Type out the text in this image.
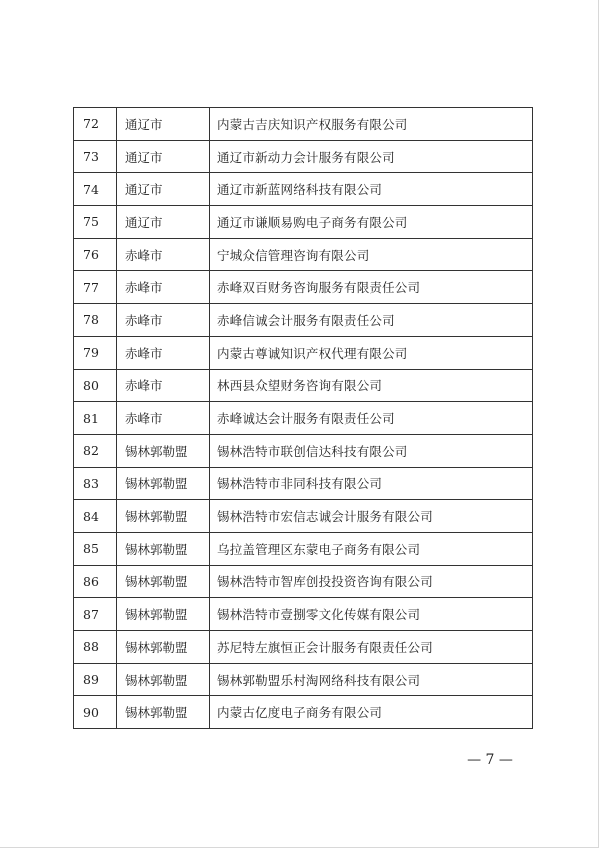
72	通辽市	内蒙古吉庆知识产权服务有限公司
73	通辽市	通辽市新动力会计服务有限公司
74	通辽市	通辽市新蓝网络科技有限公司
75	通辽市	通辽市谦顺易购电子商务有限公司
76	赤峰市	宁城众信管理咨询有限公司
77	赤峰市	赤峰双百财务咨询服务有限责任公司
78	赤峰市	赤峰信诚会计服务有限责任公司
79	赤峰市	内蒙古尊诚知识产权代理有限公司
80	赤峰市	林西县众望财务咨询有限公司
81	赤峰市	赤峰诚达会计服务有限责任公司
82	锡林郭勒盟	锡林浩特市联创信达科技有限公司
83	锡林郭勒盟	锡林浩特市非同科技有限公司
84	锡林郭勒盟	锡林浩特市宏信志诚会计服务有限公司
85	锡林郭勒盟	乌拉盖管理区东蒙电子商务有限公司
86	锡林郭勒盟	锡林浩特市智库创投投资咨询有限公司
87	锡林郭勒盟	锡林浩特市壹捌零文化传媒有限公司
88	锡林郭勒盟	苏尼特左旗恒正会计服务有限责任公司
89	锡林郭勒盟	锡林郭勒盟乐村淘网络科技有限公司
90	锡林郭勒盟	内蒙古亿度电子商务有限公司
— 7 —
